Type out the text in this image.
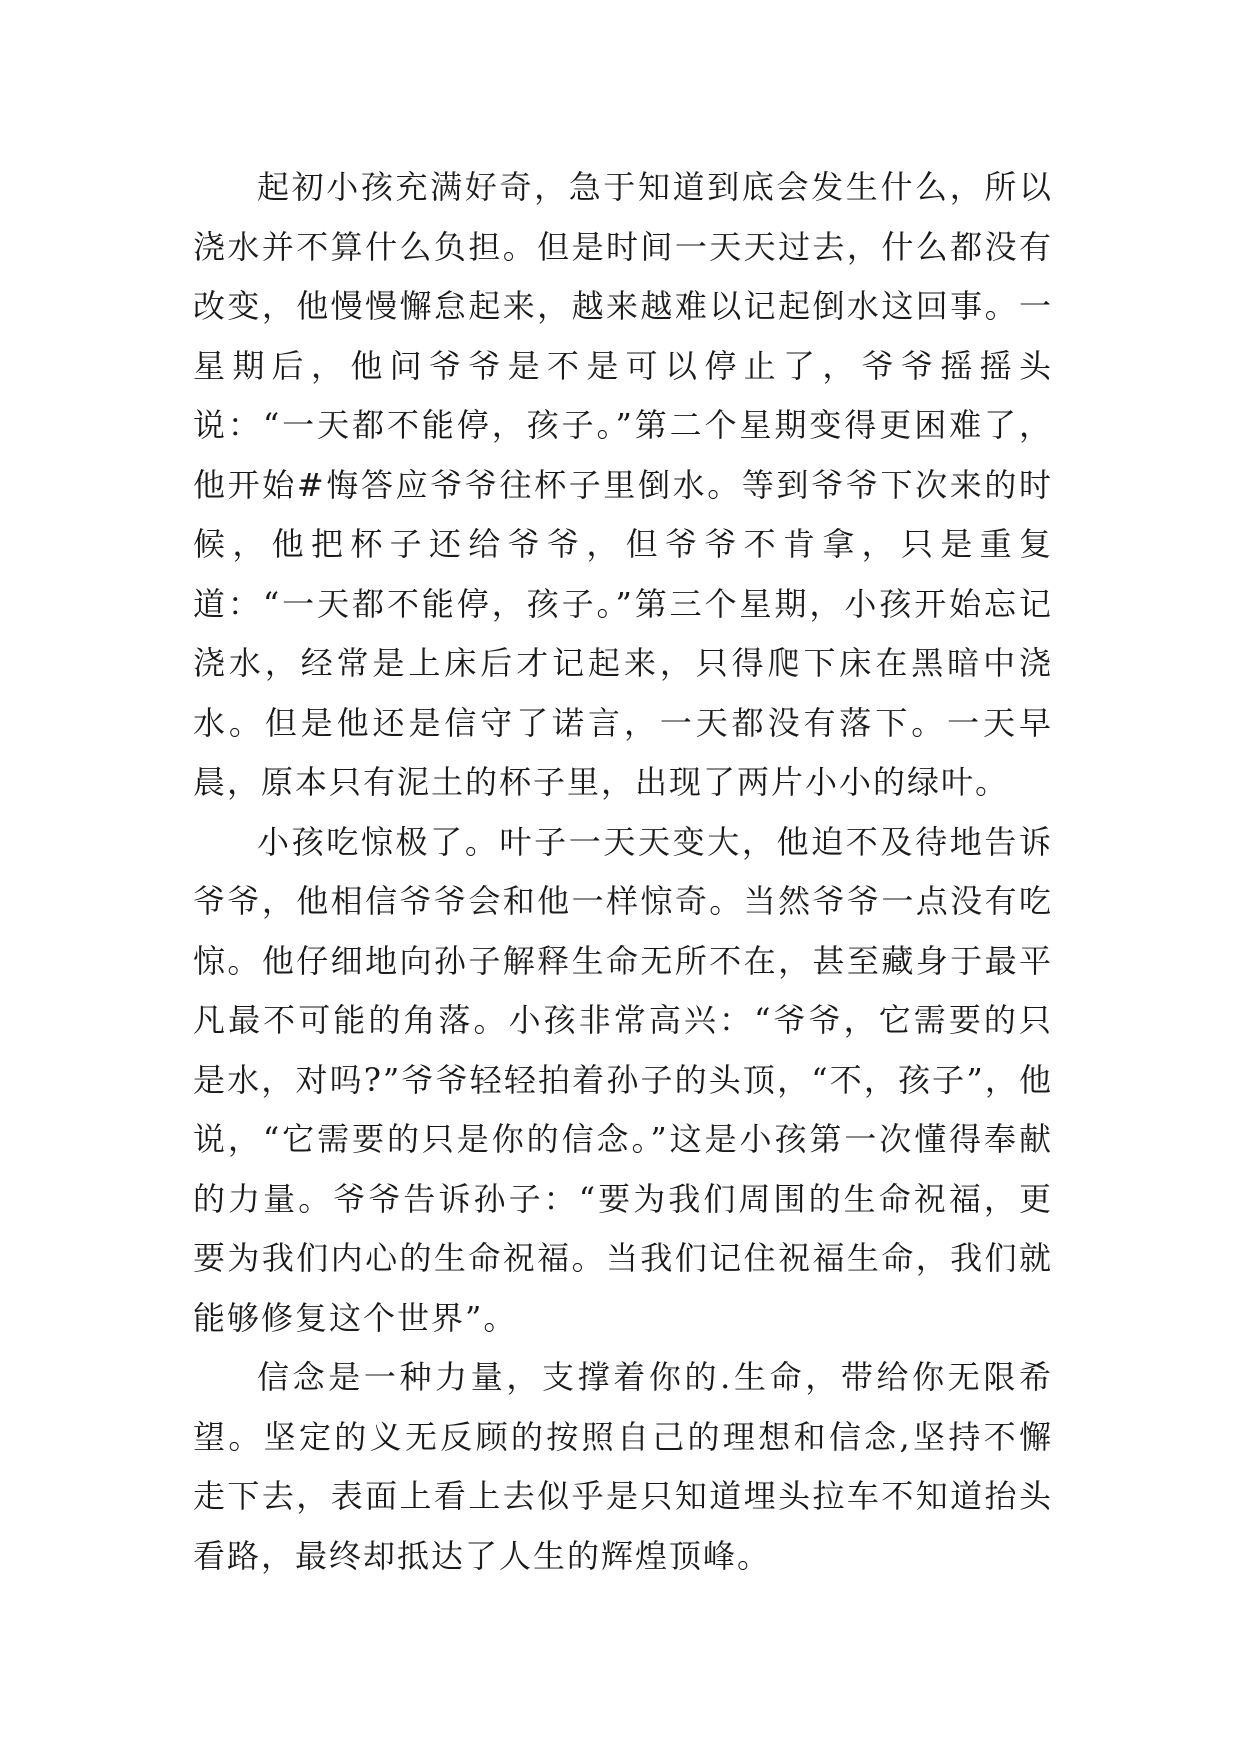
起初小孩充满好奇，急于知道到底会发生什么，所以浇水并不算什么负担。但是时间一天天过去，什么都没有改变，他慢慢懈怠起来，越来越难以记起倒水这回事。一星期后，他问爷爷是不是可以停止了，爷爷摇摇头说：“一天都不能停，孩子。”第二个星期变得更困难了，他开始#悔答应爷爷往杯子里倒水。等到爷爷下次来的时候，他把杯子还给爷爷，但爷爷不肯拿，只是重复道：“一天都不能停，孩子。”第三个星期，小孩开始忘记浇水，经常是上床后才记起来，只得爬下床在黑暗中浇水。但是他还是信守了诺言，一天都没有落下。一天早晨，原本只有泥土的杯子里，出现了两片小小的绿叶。

小孩吃惊极了。叶子一天天变大，他迫不及待地告诉爷爷，他相信爷爷会和他一样惊奇。当然爷爷一点没有吃惊。他仔细地向孙子解释生命无所不在，甚至藏身于最平凡最不可能的角落。小孩非常高兴：“爷爷，它需要的只是水，对吗?”爷爷轻轻拍着孙子的头顶，“不，孩子”，他说，“它需要的只是你的信念。”这是小孩第一次懂得奉献的力量。爷爷告诉孙子：“要为我们周围的生命祝福，更要为我们内心的生命祝福。当我们记住祝福生命，我们就能够修复这个世界”。

信念是一种力量，支撑着你的.生命，带给你无限希望。坚定的义无反顾的按照自己的理想和信念,坚持不懈走下去，表面上看上去似乎是只知道埋头拉车不知道抬头看路，最终却抵达了人生的辉煌顶峰。
